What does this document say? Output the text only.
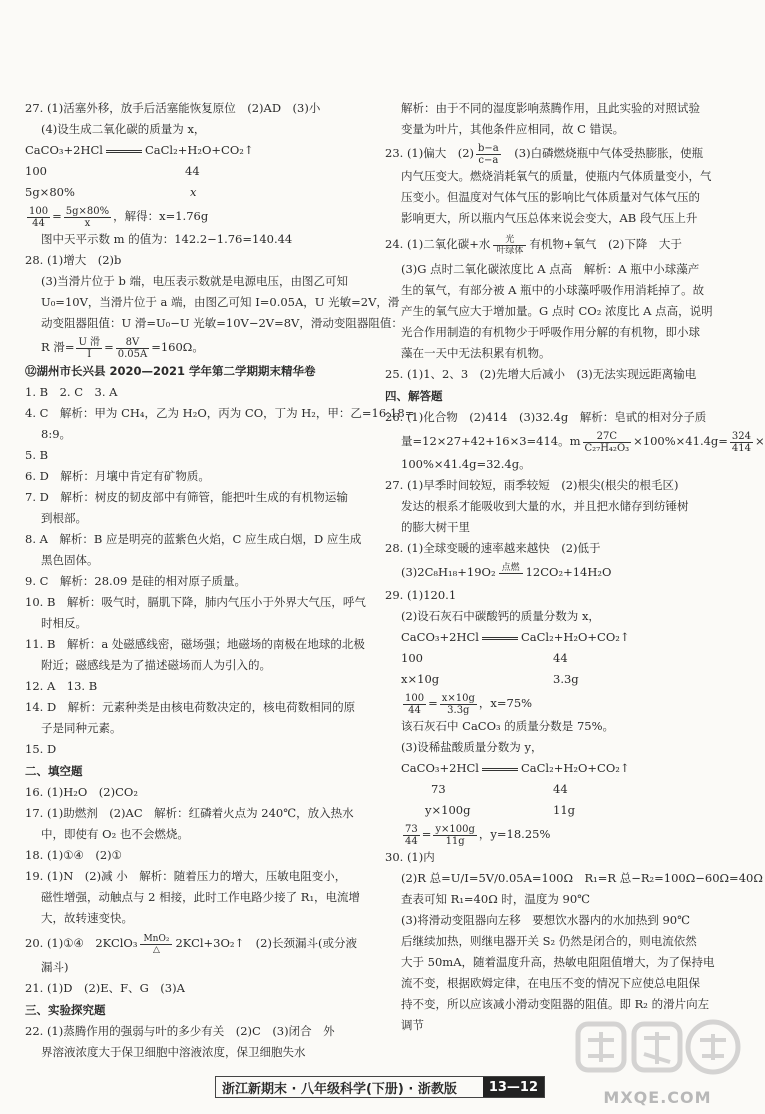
27. (1)活塞外移，放手后活塞能恢复原位　(2)AD　(3)小
(4)设生成二氧化碳的质量为 x，
CaCO₃+2HCl	CaCl₂+H₂O+CO₂↑
100	44
5g×80%	x
$\frac{100}{44} = \frac{5g\times 80\%}{x}$ ，解得：x=1.76g
图中天平示数 m 的值为：142.2−1.76=140.44
28. (1)增大　(2)b
(3)当滑片位于 b 端，电压表示数就是电源电压，由图乙可知
U₀=10V，当滑片位于 a 端，由图乙可知 I=0.05A，U 光敏=2V，滑
动变阻器阻值：U 滑=U₀−U 光敏=10V−2V=8V，滑动变阻器阻值：
R 滑= $\frac{\text{U 滑}}{I} = \frac{8V}{0.05A} =160\Omega$。
⑫湖州市长兴县 2020—2021 学年第二学期期末精华卷
1. B　2. C　3. A
4. C　解析：甲为 CH₄，乙为 H₂O，丙为 CO，丁为 H₂，甲：乙=16:18=
8:9。
5. B
6. D　解析：月壤中肯定有矿物质。
7. D　解析：树皮的韧皮部中有筛管，能把叶生成的有机物运输
到根部。
8. A　解析：B 应是明亮的蓝紫色火焰，C 应生成白烟，D 应生成
黑色固体。
9. C　解析：28.09 是硅的相对原子质量。
10. B　解析：吸气时，膈肌下降，肺内气压小于外界大气压，呼气
时相反。
11. B　解析：a 处磁感线密，磁场强；地磁场的南极在地球的北极
附近；磁感线是为了描述磁场而人为引入的。
12. A　13. B
14. D　解析：元素种类是由核电荷数决定的，核电荷数相同的原
子是同种元素。
15. D
二、填空题
16. (1)H₂O　(2)CO₂
17. (1)助燃剂　(2)AC　解析：红磷着火点为 240℃，放入热水
中，即使有 O₂ 也不会燃烧。
18. (1)①④　(2)①
19. (1)N　(2)减 小　解析：随着压力的增大，压敏电阻变小，
磁性增强，动触点与 2 相接，此时工作电路少接了 R₁，电流增
大，故转速变快。
20. (1)①④　2KClO₃ MnO₂
△	2KCl+3O₂↑　(2)长颈漏斗(或分液
漏斗)
21. (1)D　(2)E、F、G　(3)A
三、实验探究题
22. (1)蒸腾作用的强弱与叶的多少有关　(2)C　(3)闭合　外
界溶液浓度大于保卫细胞中溶液浓度，保卫细胞失水
解析：由于不同的湿度影响蒸腾作用，且此实验的对照试验
变量为叶片，其他条件应相同，故 C 错误。
23. (1)偏大　$(2) \frac{b-a}{c-a}$ 　(3)白磷燃烧瓶中气体受热膨胀，使瓶
内气压变大。燃烧消耗氧气的质量，使瓶内气体质量变小，气
压变小。但温度对气体气压的影响比气体质量对气体气压的
影响更大，所以瓶内气压总体来说会变大，AB 段气压上升
24. (1)二氧化碳+水	光
叶绿体 有机物+氧气　(2)下降　大于
(3)G 点时二氧化碳浓度比 A 点高　解析：A 瓶中小球藻产
生的氧气，有部分被 A 瓶中的小球藻呼吸作用消耗掉了。故
产生的氧气应大于增加量。G 点时 CO₂ 浓度比 A 点高，说明
光合作用制造的有机物少于呼吸作用分解的有机物，即小球
藻在一天中无法积累有机物。
25. (1)1、2、3　(2)先增大后减小　(3)无法实现远距离输电
四、解答题
26. (1)化合物　(2)414　(3)32.4g　解析：皂甙的相对分子质
量=12×27+42+16×3=414。m $\frac{27C}{\text{C₂₇H₄₂O₃}} \times 100\%\times 41.4g= \frac{324}{414}$ ×
100%×41.4g=32.4g。
27. (1)早季时间较短，雨季较短　(2)根尖(根尖的根毛区)
发达的根系才能吸收到大量的水，并且把水储存到纺锤树
的膨大树干里
28. (1)全球变暖的速率越来越快　(2)低于
(3)2C₈H₁₈+19O₂ 点燃
12CO₂+14H₂O
29. (1)120.1
(2)设石灰石中碳酸钙的质量分数为 x，
CaCO₃+2HCl	CaCl₂+H₂O+CO₂↑
100	44
x×10g	3.3g
$\frac{100}{44} = \frac{x\times 10g}{3.3g}$ ，x=75%
该石灰石中 CaCO₃ 的质量分数是 75%。
(3)设稀盐酸质量分数为 y，
CaCO₃+2HCl	CaCl₂+H₂O+CO₂↑
73	44
y×100g	11g
$\frac{73}{44} = \frac{y\times 100g}{11g}$ ，y=18.25%
30. (1)内
(2)R 总=U/I=5V/0.05A=100Ω　R₁=R 总−R₂=100Ω−60Ω=40Ω
查表可知 R₁=40Ω 时，温度为 90℃
(3)将滑动变阻器向左移　要想饮水器内的水加热到 90℃
后继续加热，则继电器开关 S₂ 仍然是闭合的，则电流依然
大于 50mA，随着温度升高，热敏电阻阻值增大，为了保持电
流不变，根据欧姆定律，在电压不变的情况下应使总电阻保
持不变，所以应该减小滑动变阻器的阻值。即 R₂ 的滑片向左
调节
浙江新期末 · 八年级科学(下册) · 浙教版	13—12
MXQE.COM
